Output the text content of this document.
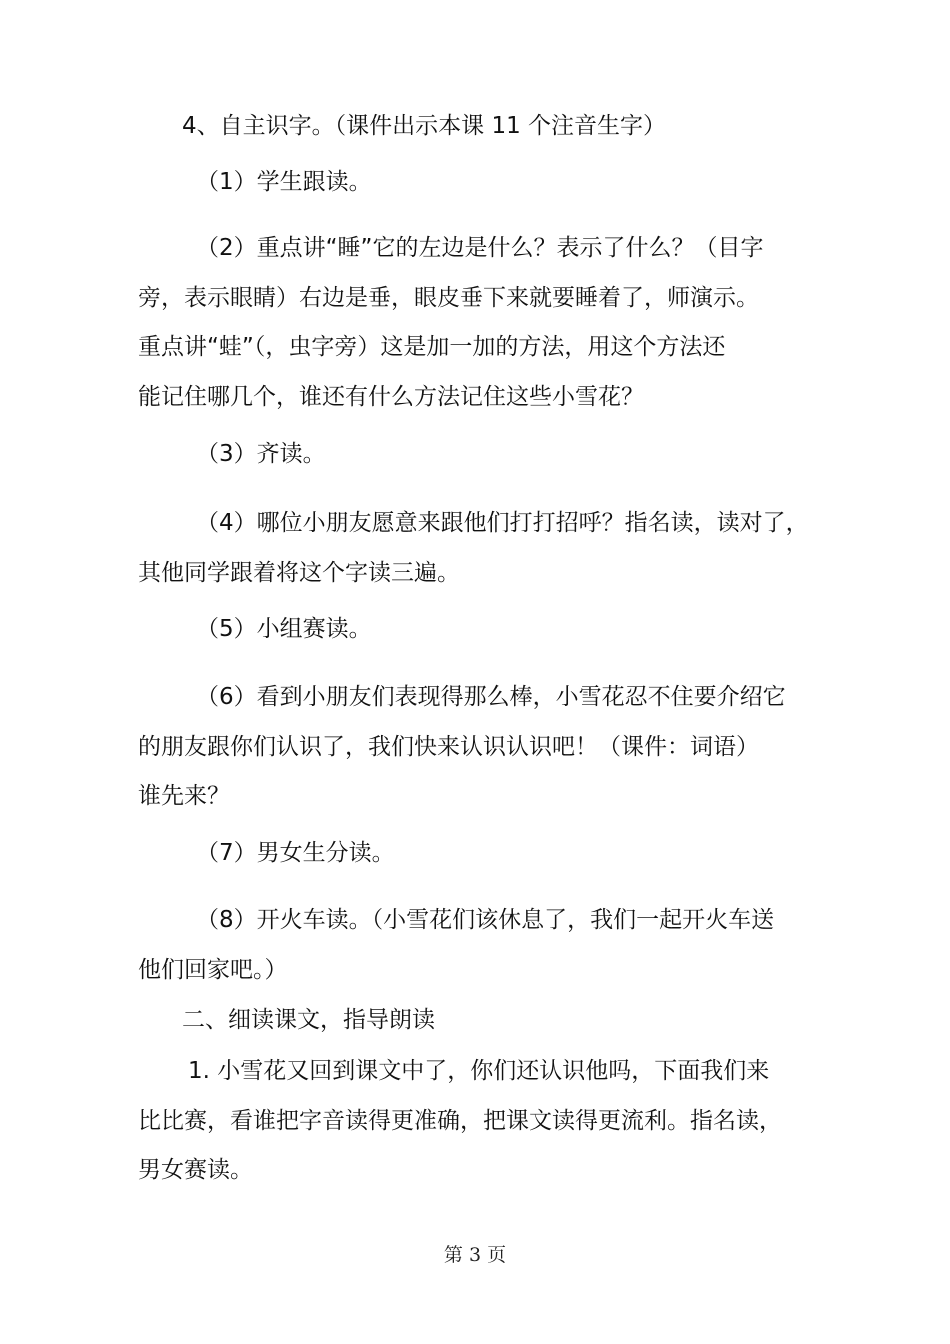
4、自主识字。（课件出示本课 11 个注音生字）
（1）学生跟读。
（2）重点讲“睡”它的左边是什么？表示了什么？（目字
旁，表示眼睛）右边是垂，眼皮垂下来就要睡着了，师演示。
重点讲“蛙”（，虫字旁）这是加一加的方法，用这个方法还
能记住哪几个，谁还有什么方法记住这些小雪花？
（3）齐读。
（4）哪位小朋友愿意来跟他们打打招呼？指名读，读对了，
其他同学跟着将这个字读三遍。
（5）小组赛读。
（6）看到小朋友们表现得那么棒，小雪花忍不住要介绍它
的朋友跟你们认识了，我们快来认识认识吧！（课件：词语）
谁先来？
（7）男女生分读。
（8）开火车读。（小雪花们该休息了，我们一起开火车送
他们回家吧。）
二、细读课文，指导朗读
1. 小雪花又回到课文中了，你们还认识他吗，下面我们来
比比赛，看谁把字音读得更准确，把课文读得更流利。指名读，
男女赛读。
第 3 页
